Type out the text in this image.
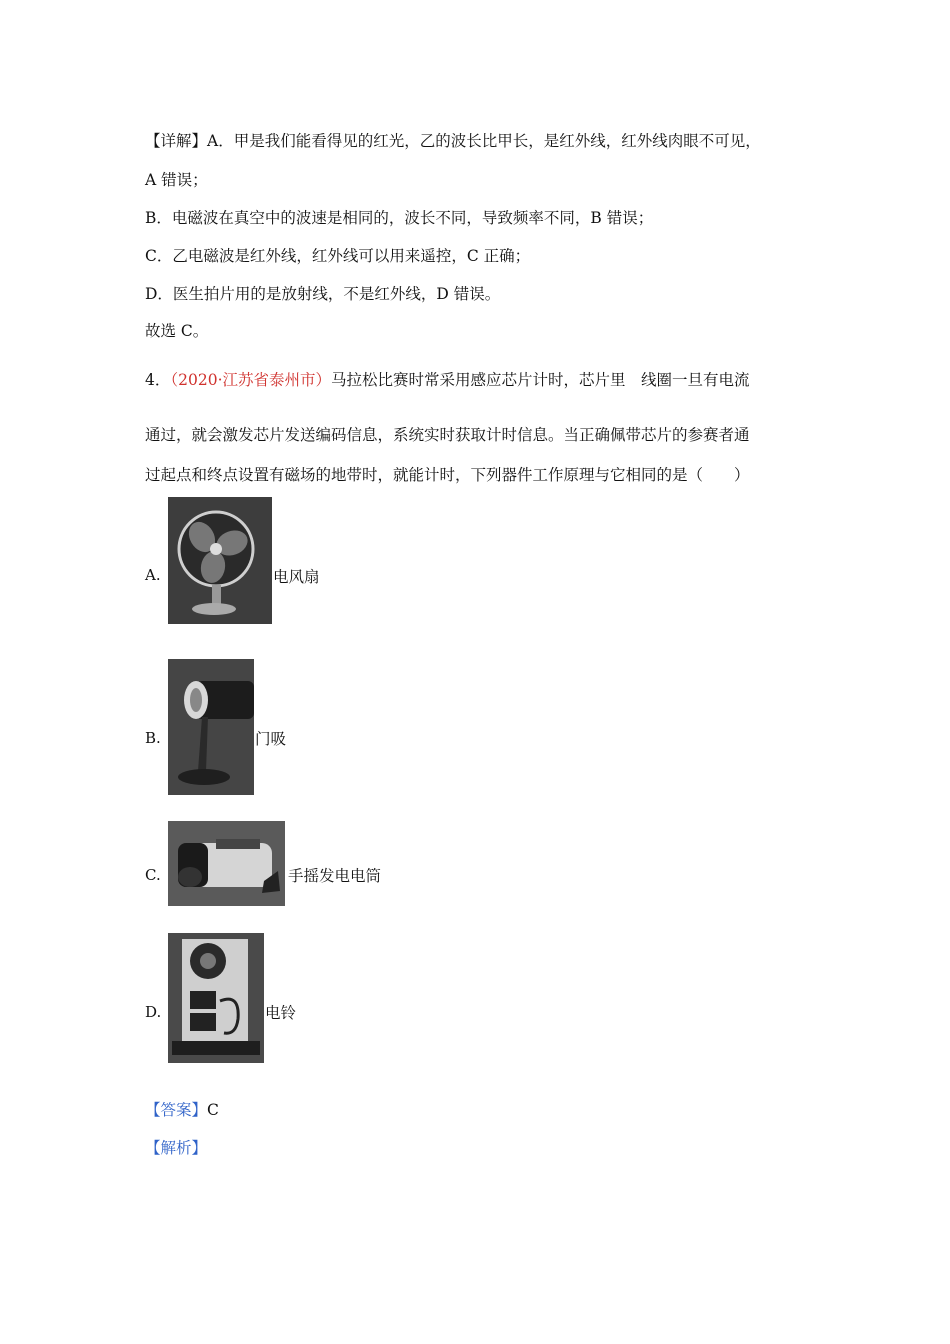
【详解】A．甲是我们能看得见的红光，乙的波长比甲长，是红外线，红外线肉眼不可见，
A 错误；
B．电磁波在真空中的波速是相同的，波长不同，导致频率不同，B 错误；
C．乙电磁波是红外线，红外线可以用来遥控，C 正确；
D．医生拍片用的是放射线，不是红外线，D 错误。
故选 C。
4．（2020·江苏省泰州市）马拉松比赛时常采用感应芯片计时，芯片里　线圈一旦有电流
通过，就会激发芯片发送编码信息，系统实时获取计时信息。当正确佩带芯片的参赛者通
过起点和终点设置有磁场的地带时，就能计时，下列器件工作原理与它相同的是（　　）
A.	电风扇
B.	门吸
C.	手摇发电电筒
D.	电铃
【答案】C
【解析】
